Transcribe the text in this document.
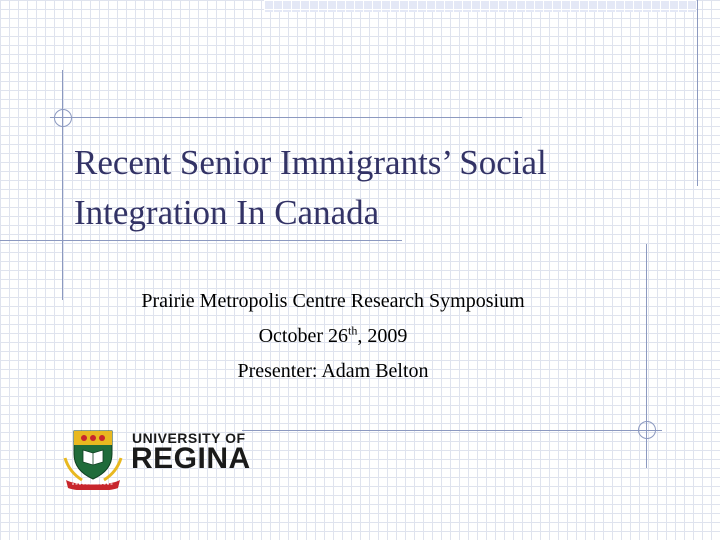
Recent Senior Immigrants’ Social
Integration In Canada
Prairie Metropolis Centre Research Symposium
October 26th, 2009
Presenter: Adam Belton
UNIVERSITY OF
REGINA
